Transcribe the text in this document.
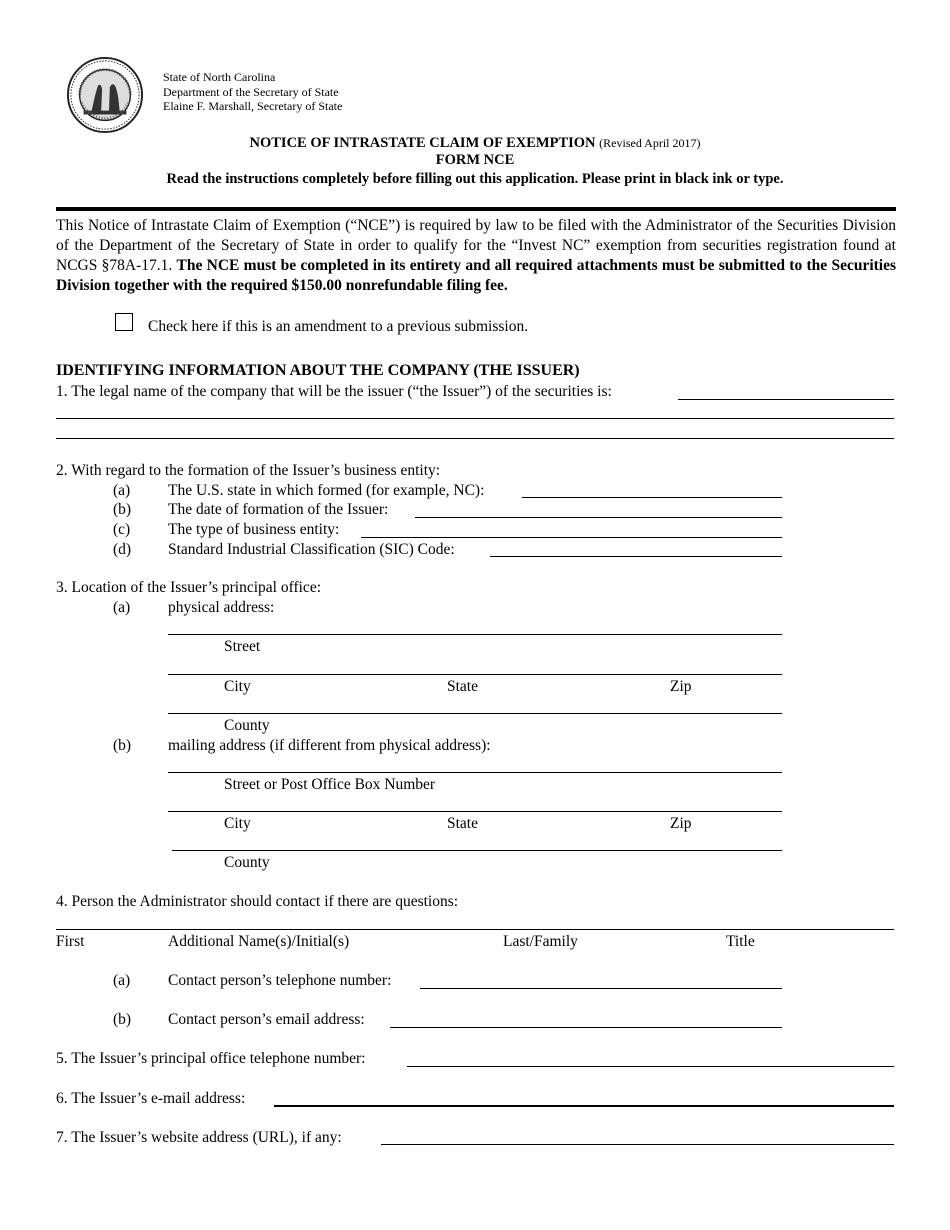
State of North Carolina
Department of the Secretary of State
Elaine F. Marshall, Secretary of State
NOTICE OF INTRASTATE CLAIM OF EXEMPTION (Revised April 2017)
FORM NCE
Read the instructions completely before filling out this application. Please print in black ink or type.
This Notice of Intrastate Claim of Exemption (“NCE”) is required by law to be filed with the Administrator of the Securities Division of the Department of the Secretary of State in order to qualify for the “Invest NC” exemption from securities registration found at NCGS §78A-17.1. The NCE must be completed in its entirety and all required attachments must be submitted to the Securities Division together with the required $150.00 nonrefundable filing fee.
Check here if this is an amendment to a previous submission.
IDENTIFYING INFORMATION ABOUT THE COMPANY (THE ISSUER)
1. The legal name of the company that will be the issuer (“the Issuer”) of the securities is:
2. With regard to the formation of the Issuer’s business entity:
(a) The U.S. state in which formed (for example, NC):
(b) The date of formation of the Issuer:
(c) The type of business entity:
(d) Standard Industrial Classification (SIC) Code:
3. Location of the Issuer’s principal office:
(a) physical address:
Street
City	State	Zip
County
(b) mailing address (if different from physical address):
Street or Post Office Box Number
City	State	Zip
County
4. Person the Administrator should contact if there are questions:
First	Additional Name(s)/Initial(s)	Last/Family	Title
(a) Contact person’s telephone number:
(b) Contact person’s email address:
5. The Issuer’s principal office telephone number:
6. The Issuer’s e-mail address:
7. The Issuer’s website address (URL), if any:
